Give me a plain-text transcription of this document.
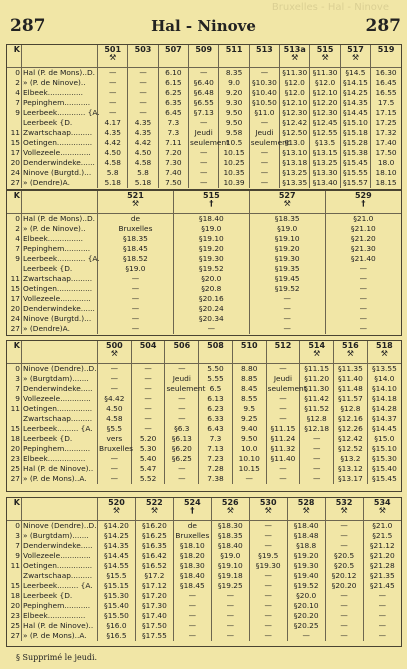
Bruxelles - Hal - Ninove
287	Hal - Ninove	287
K		501
⚒	503	507	509	511	513	513a
⚒	515
⚒	517
⚒	519

0	Hal (P. de Mons)..D.	—	—	6.10	—	8.35	—	§11.30	§11.30	§14.5	16.30
2	» (P. de Ninove)..	—	—	6.15	§6.40	9.0	§10.30	§12.0	§12.0	§14.15	16.45
4	Elbeek...............	—	—	6.25	§6.48	9.20	§10.40	§12.0	§12.10	§14.25	16.55
7	Pepinghem...........	—	—	6.35	§6.55	9.30	§10.50	§12.10	§12.20	§14.35	17.5
9	Leerbeek............ {A.	—	—	6.45	§7.13	9.50	§11.0	§12.30	§12.30	§14.45	17.15
	Leerbeek {D.	4.17	4.35	7.3	—	9.50	—	§12.42	§12.45	§15.10	17.25
11	Zwartschaap.........	4.35	4.35	7.3	Jeudi	9.58	Jeudi	§12.50	§12.55	§15.18	17.32
15	Oetingen...............	4.42	4.42	7.11	seulement	10.5	seulement	§13.0	§13.5	§15.28	17.40
17	Vollezeele.............	4.50	4.50	7.20	—	10.15	—	§13.10	§13.15	§15.38	17.50
20	Denderwindeke......	4.58	4.58	7.30	—	10.25	—	§13.18	§13.25	§15.45	18.0
24	Ninove (Burgtd.)...	5.8	5.8	7.40	—	10.35	—	§13.25	§13.30	§15.55	18.10
27	» (Dendre)A.	5.18	5.18	7.50	—	10.39	—	§13.35	§13.40	§15.57	18.15
K		521
⚒	515
†	527
⚒	529
†

0	Hal (P. de Mons)..D.	de	§18.40	§18.35	§21.0
2	» (P. de Ninove)..	Bruxelles	§19.0	§19.0	§21.10
4	Elbeek...............	§18.35	§19.10	§19.10	§21.20
7	Pepinghem...........	§18.45	§19.20	§19.20	§21.30
9	Leerbeek............ {A.	§18.52	§19.30	§19.30	§21.40
	Leerbeek {D.	§19.0	§19.52	§19.35	—
11	Zwartschaap.........	—	§20.0	§19.45	—
15	Oetingen...............	—	§20.8	§19.52	—
17	Vollezeele.............	—	§20.16	—	—
20	Denderwindeke......	—	§20.24	—	—
24	Ninove (Burgtd.)...	—	§20.34	—	—
27	» (Dendre)A.	—	—	—	—
K		500
⚒	504	506	508	510	512	514
⚒	516
⚒	518
⚒

0	Ninove (Dendre)..D.	—	—	—	5.50	8.80	—	§11.15	§11.35	§13.55
3	» (Burgtdam).......	—	—	Jeudi	5.55	8.85	Jeudi	§11.20	§11.40	§14.0
7	Denderwindeke.....	—	—	seulement	6.5	8.45	seulement	§11.30	§11.48	§14.10
9	Vollezeele.............	§4.42	—	—	6.13	8.55	—	§11.42	§11.57	§14.18
11	Oetingen...............	4.50	—	—	6.23	9.5	—	§11.52	§12.8	§14.28
	Zwartschaap.........	4.58	—	—	6.33	9.25	—	§12.8	§12.16	§14.37
15	Leerbeek......... {A.	§5.5	—	§6.3	6.43	9.40	§11.15	§12.18	§12.26	§14.45
18	Leerbeek {D.	vers	5.20	§6.13	7.3	9.50	§11.24	—	§12.42	§15.0
20	Pepinghem...........	Bruxelles	5.30	§6.20	7.13	10.0	§11.32	—	§12.52	§15.10
23	Elbeek................	—	5.40	§6.25	7.23	10.10	§11.40	—	§13.2	§15.30
25	Hal (P. de Ninove)..	—	5.47	—	7.28	10.15	—	—	§13.12	§15.40
27	» (P. de Mons)..A.	—	5.52	—	7.38	—	—	—	§13.17	§15.45
K		520
⚒	522
⚒	524
†	526
⚒	530
⚒	528
⚒	532
⚒	534
⚒

0	Ninove (Dendre)..D.	§14.20	§16.20	de	§18.30	—	§18.40	—	§21.0
3	» (Burgtdam).......	§14.25	§16.25	Bruxelles	§18.35	—	§18.48	—	§21.5
7	Denderwindeke.....	§14.35	§16.35	§18.10	§18.40	—	§18.8	—	§21.12
9	Vollezeele.............	§14.45	§16.42	§18.20	§19.0	§19.5	§19.20	§20.5	§21.20
11	Oetingen...............	§14.55	§16.52	§18.30	§19.10	§19.30	§19.30	§20.5	§21.28
	Zwartschaap.........	§15.5	§17.2	§18.40	§19.18	—	§19.40	§20.12	§21.35
15	Leerbeek......... {A.	§15.15	§17.12	§18.45	§19.25	—	§19.52	§20.20	§21.45
18	Leerbeek {D.	§15.30	§17.20	—	—	—	§20.0	—	—
20	Pepinghem...........	§15.40	§17.30	—	—	—	§20.10	—	—
23	Elbeek................	§15.50	§17.40	—	—	—	§20.20	—	—
25	Hal (P. de Ninove)..	§16.0	§17.50	—	—	—	§20.25	—	—
27	» (P. de Mons)..A.	§16.5	§17.55	—	—	—	—	—	—
§ Supprimé le jeudi.
